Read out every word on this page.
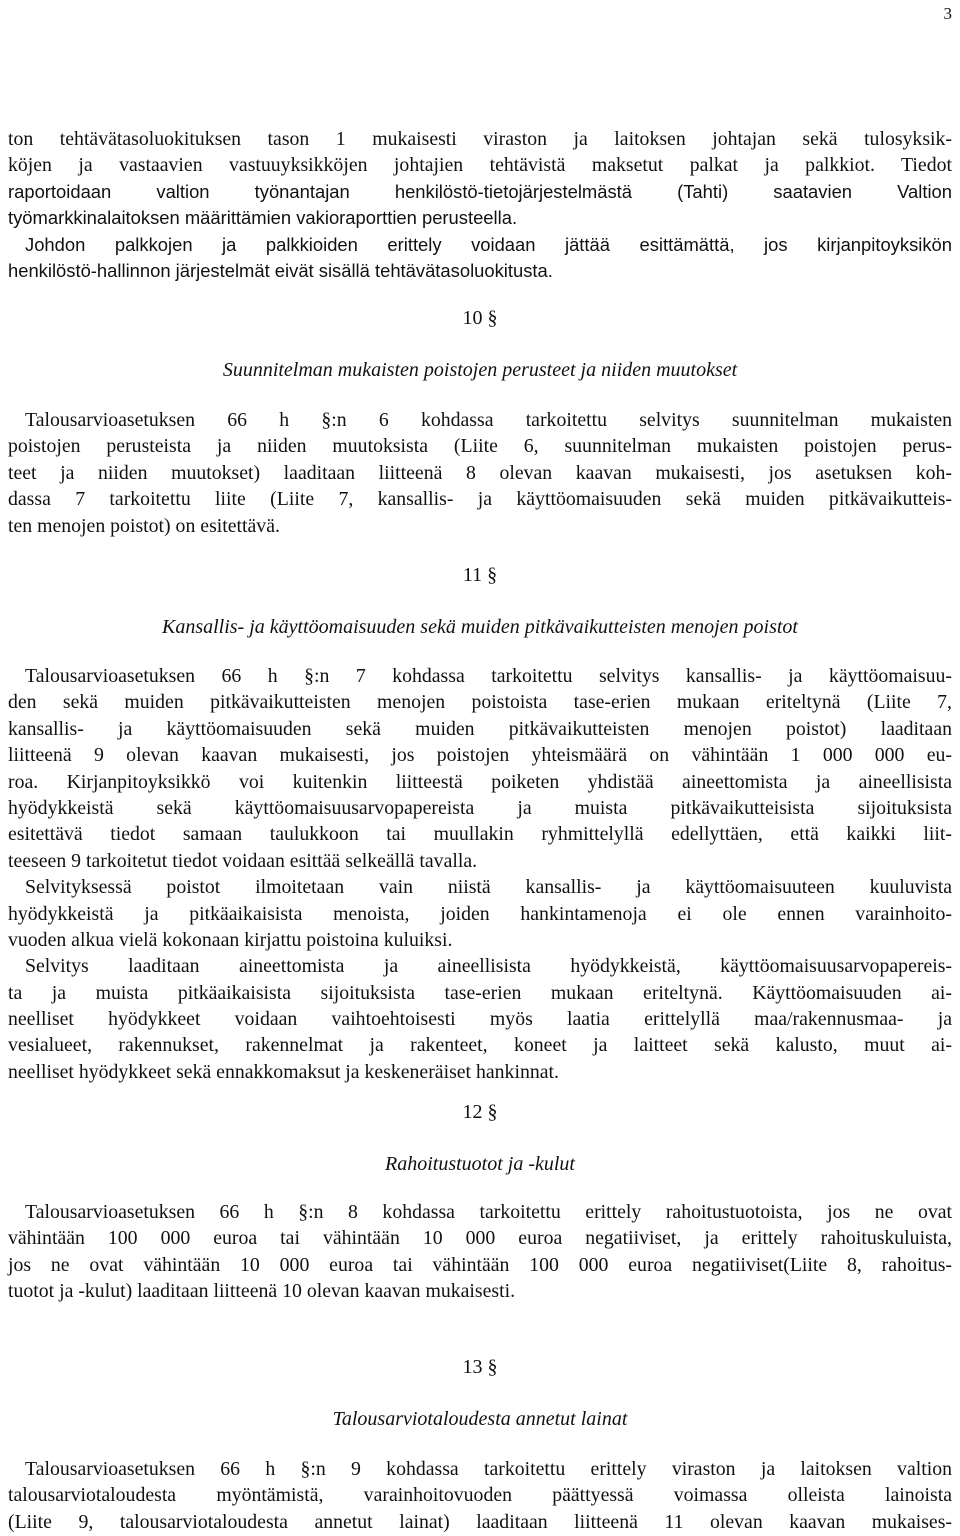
3
ton tehtävätasoluokituksen tason 1 mukaisesti viraston ja laitoksen johtajan sekä tulosyksik-
köjen ja vastaavien vastuuyksikköjen johtajien tehtävistä maksetut palkat ja palkkiot. Tiedot
raportoidaan valtion työnantajan henkilöstö-tietojärjestelmästä (Tahti) saatavien Valtion
työmarkkinalaitoksen määrittämien vakioraporttien perusteella.
Johdon palkkojen ja palkkioiden erittely voidaan jättää esittämättä, jos kirjanpitoyksikön
henkilöstö-hallinnon järjestelmät eivät sisällä tehtävätasoluokitusta.
10 §
Suunnitelman mukaisten poistojen perusteet ja niiden muutokset
Talousarvioasetuksen 66 h §:n 6 kohdassa tarkoitettu selvitys suunnitelman mukaisten
poistojen perusteista ja niiden muutoksista (Liite 6, suunnitelman mukaisten poistojen perus-
teet ja niiden muutokset) laaditaan liitteenä 8 olevan kaavan mukaisesti, jos asetuksen koh-
dassa 7 tarkoitettu liite (Liite 7, kansallis- ja käyttöomaisuuden sekä muiden pitkävaikutteis-
ten menojen poistot) on esitettävä.
11 §
Kansallis- ja käyttöomaisuuden sekä muiden pitkävaikutteisten menojen poistot
Talousarvioasetuksen 66 h §:n 7 kohdassa tarkoitettu selvitys kansallis- ja käyttöomaisuu-
den sekä muiden pitkävaikutteisten menojen poistoista tase-erien mukaan eriteltynä (Liite 7,
kansallis- ja käyttöomaisuuden sekä muiden pitkävaikutteisten menojen poistot) laaditaan
liitteenä 9 olevan kaavan mukaisesti, jos poistojen yhteismäärä on vähintään 1 000 000 eu-
roa. Kirjanpitoyksikkö voi kuitenkin liitteestä poiketen yhdistää aineettomista ja aineellisista
hyödykkeistä sekä käyttöomaisuusarvopapereista ja muista pitkävaikutteisista sijoituksista
esitettävä tiedot samaan taulukkoon tai muullakin ryhmittelyllä edellyttäen, että kaikki liit-
teeseen 9 tarkoitetut tiedot voidaan esittää selkeällä tavalla.
Selvityksessä poistot ilmoitetaan vain niistä kansallis- ja käyttöomaisuuteen kuuluvista
hyödykkeistä ja pitkäaikaisista menoista, joiden hankintamenoja ei ole ennen varainhoito-
vuoden alkua vielä kokonaan kirjattu poistoina kuluiksi.
Selvitys laaditaan aineettomista ja aineellisista hyödykkeistä, käyttöomaisuusarvopapereis-
ta ja muista pitkäaikaisista sijoituksista tase-erien mukaan eriteltynä. Käyttöomaisuuden ai-
neelliset hyödykkeet voidaan vaihtoehtoisesti myös laatia erittelyllä maa/rakennusmaa- ja
vesialueet, rakennukset, rakennelmat ja rakenteet, koneet ja laitteet sekä kalusto, muut ai-
neelliset hyödykkeet sekä ennakkomaksut ja keskeneräiset hankinnat.
12 §
Rahoitustuotot ja -kulut
Talousarvioasetuksen 66 h §:n 8 kohdassa tarkoitettu erittely rahoitustuotoista, jos ne ovat
vähintään 100 000 euroa tai vähintään 10 000 euroa negatiiviset, ja erittely rahoituskuluista,
jos ne ovat vähintään 10 000 euroa tai vähintään 100 000 euroa negatiiviset(Liite 8, rahoitus-
tuotot ja -kulut) laaditaan liitteenä 10 olevan kaavan mukaisesti.
13 §
Talousarviotaloudesta annetut lainat
Talousarvioasetuksen 66 h §:n 9 kohdassa tarkoitettu erittely viraston ja laitoksen valtion
talousarviotaloudesta myöntämistä, varainhoitovuoden päättyessä voimassa olleista lainoista
(Liite 9, talousarviotaloudesta annetut lainat) laaditaan liitteenä 11 olevan kaavan mukaises-
